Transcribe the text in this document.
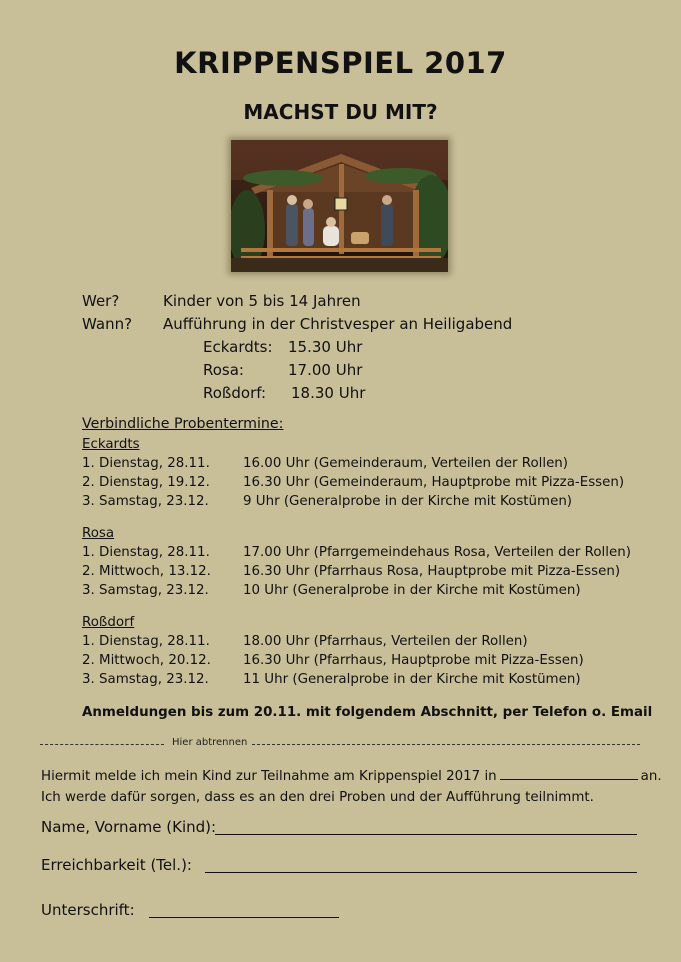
KRIPPENSPIEL 2017
MACHST DU MIT?
Wer?	Kinder von 5 bis 14 Jahren
Wann? Aufführung in der Christvesper an Heiligabend
Eckardts: 15.30 Uhr
Rosa:	17.00 Uhr
Roßdorf: 18.30 Uhr
Verbindliche Probentermine:
Eckardts
1. Dienstag, 28.11. 16.00 Uhr (Gemeinderaum, Verteilen der Rollen)
2. Dienstag, 19.12. 16.30 Uhr (Gemeinderaum, Hauptprobe mit Pizza-Essen)
3. Samstag, 23.12.	9 Uhr (Generalprobe in der Kirche mit Kostümen)
Rosa
1. Dienstag, 28.11. 17.00 Uhr (Pfarrgemeindehaus Rosa, Verteilen der Rollen)
2. Mittwoch, 13.12. 16.30 Uhr (Pfarrhaus Rosa, Hauptprobe mit Pizza-Essen)
3. Samstag, 23.12.	10 Uhr (Generalprobe in der Kirche mit Kostümen)
Roßdorf
1. Dienstag, 28.11. 18.00 Uhr (Pfarrhaus, Verteilen der Rollen)
2. Mittwoch, 20.12. 16.30 Uhr (Pfarrhaus, Hauptprobe mit Pizza-Essen)
3. Samstag, 23.12.	11 Uhr (Generalprobe in der Kirche mit Kostümen)
Anmeldungen bis zum 20.11. mit folgendem Abschnitt, per Telefon o. Email
Hier abtrennen
Hiermit melde ich mein Kind zur Teilnahme am Krippenspiel 2017 in	an.
Ich werde dafür sorgen, dass es an den drei Proben und der Aufführung teilnimmt.
Name, Vorname (Kind):
Erreichbarkeit (Tel.):
Unterschrift:
